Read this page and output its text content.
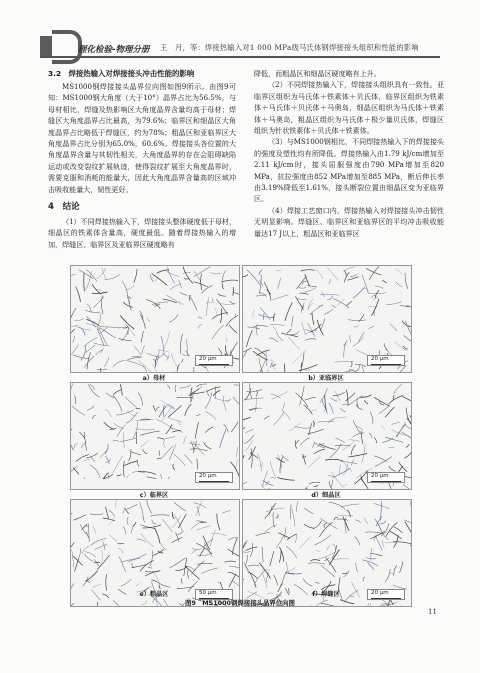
理化检验-物理分册 王　月，等：焊接热输入对1 000 MPa级马氏体钢焊接接头组织和性能的影响
3.2　焊接热输入对焊接接头冲击性能的影响

MS1000钢焊接接头晶界位向图如图9所示。由图9可知：MS1000钢大角度（大于10°）晶界占比为56.5%，与母材相比，焊缝及热影响区大角度晶界含量均高于母材；焊缝区大角度晶界占比最高，为79.6%；临界区和细晶区大角度晶界占比略低于焊缝区，约为78%；粗晶区和亚临界区大角度晶界占比分别为65.0%，60.6%。焊接接头各位置的大角度晶界含量与其韧性相关，大角度晶界的存在会阻碍缺陷运动或改变裂纹扩展轨迹，使得裂纹扩展至大角度晶界时，需要克服和消耗的能量大，因此大角度晶界含量高的区域冲击吸收能量大，韧性更好。

4　结论

（1）不同焊接热输入下，焊接接头整体硬度低于母材，细晶区的铁素体含量高，硬度最低。随着焊接热输入的增加，焊缝区、临界区及亚临界区硬度略有

降低，而粗晶区和细晶区硬度略有上升。

（2）不同焊接热输入下，焊接接头组织具有一致性。亚临界区组织为马氏体＋铁素体＋贝氏体，临界区组织为铁素体＋马氏体＋贝氏体＋马奥岛，细晶区组织为马氏体＋铁素体＋马奥岛，粗晶区组织为马氏体＋极少量贝氏体，焊缝区组织为针状铁素体＋贝氏体＋铁素体。

（3）与MS1000钢相比，不同焊接热输入下的焊接接头的强度及塑性均有所降低。焊接热输入由1.79 kJ/cm增加至2.11 kJ/cm时，接头屈服强度由790 MPa增加至820 MPa，抗拉强度由852 MPa增加至885 MPa，断后伸长率由3.19%降低至1.61%，接头断裂位置由细晶区变为亚临界区。

（4）焊接工艺窗口内，焊接热输入对焊接接头冲击韧性无明显影响。焊缝区、临界区和亚临界区的平均冲击吸收能量达17 J以上，粗晶区和亚临界区

20 μm
a）母材
20 μm
b）亚临界区
20 μm
c）临界区
20 μm
d）细晶区
50 μm
e）粗晶区	20 μm
f）焊缝区
图9　MS1000钢焊接接头晶界位向图
11
